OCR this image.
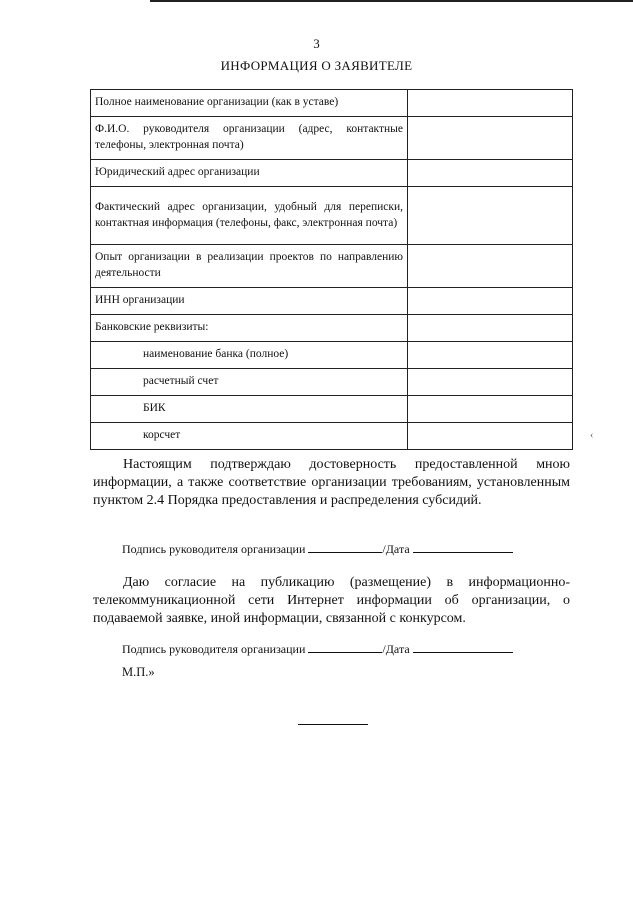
3
ИНФОРМАЦИЯ О ЗАЯВИТЕЛЕ
Полное наименование организации (как в уставе)	
Ф.И.О. руководителя организации (адрес, контактные телефоны, электронная почта)	
Юридический адрес организации	
Фактический адрес организации, удобный для переписки, контактная информация (телефоны, факс, электронная почта)	
Опыт организации в реализации проектов по направлению деятельности	
ИНН организации	
Банковские реквизиты:	
наименование банка (полное)	
расчетный счет	
БИК	
корсчет		‹
Настоящим подтверждаю достоверность предоставленной мною информации, а также соответствие организации требованиям, установленным пунктом 2.4 Порядка предоставления и распределения субсидий.
Подпись руководителя организации	/Дата
Даю согласие на публикацию (размещение) в информационно-телекоммуникационной сети Интернет информации об организации, о подаваемой заявке, иной информации, связанной с конкурсом.
Подпись руководителя организации	/Дата
М.П.»
